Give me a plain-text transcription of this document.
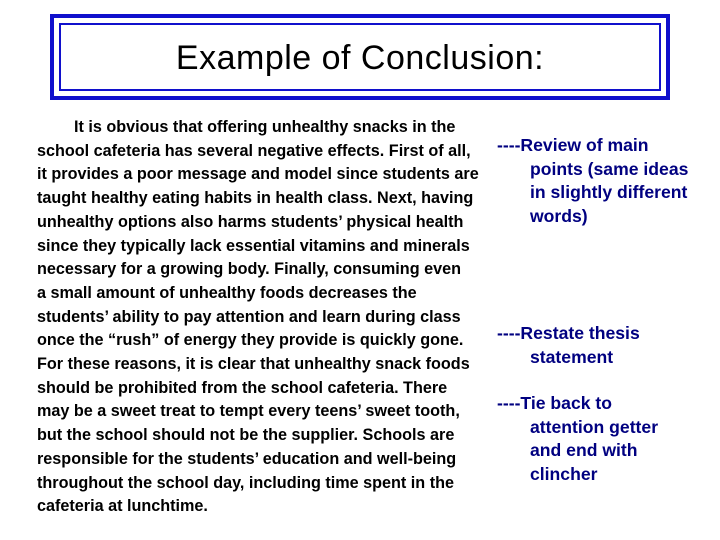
Example of Conclusion:
It is obvious that offering unhealthy snacks in the
school cafeteria has several negative effects. First of all,
it provides a poor message and model since students are
taught healthy eating habits in health class. Next, having
unhealthy options also harms students’ physical health
since they typically lack essential vitamins and minerals
necessary for a growing body. Finally, consuming even
a small amount of unhealthy foods decreases the
students’ ability to pay attention and learn during class
once the “rush” of energy they provide is quickly gone.
For these reasons, it is clear that unhealthy snack foods
should be prohibited from the school cafeteria. There
may be a sweet treat to tempt every teens’ sweet tooth,
but the school should not be the supplier. Schools are
responsible for the students’ education and well-being
throughout the school day, including time spent in the
cafeteria at lunchtime.
----Review of main
points (same ideas
in slightly different
words)
----Restate thesis
statement
----Tie back to
attention getter
and end with
clincher
